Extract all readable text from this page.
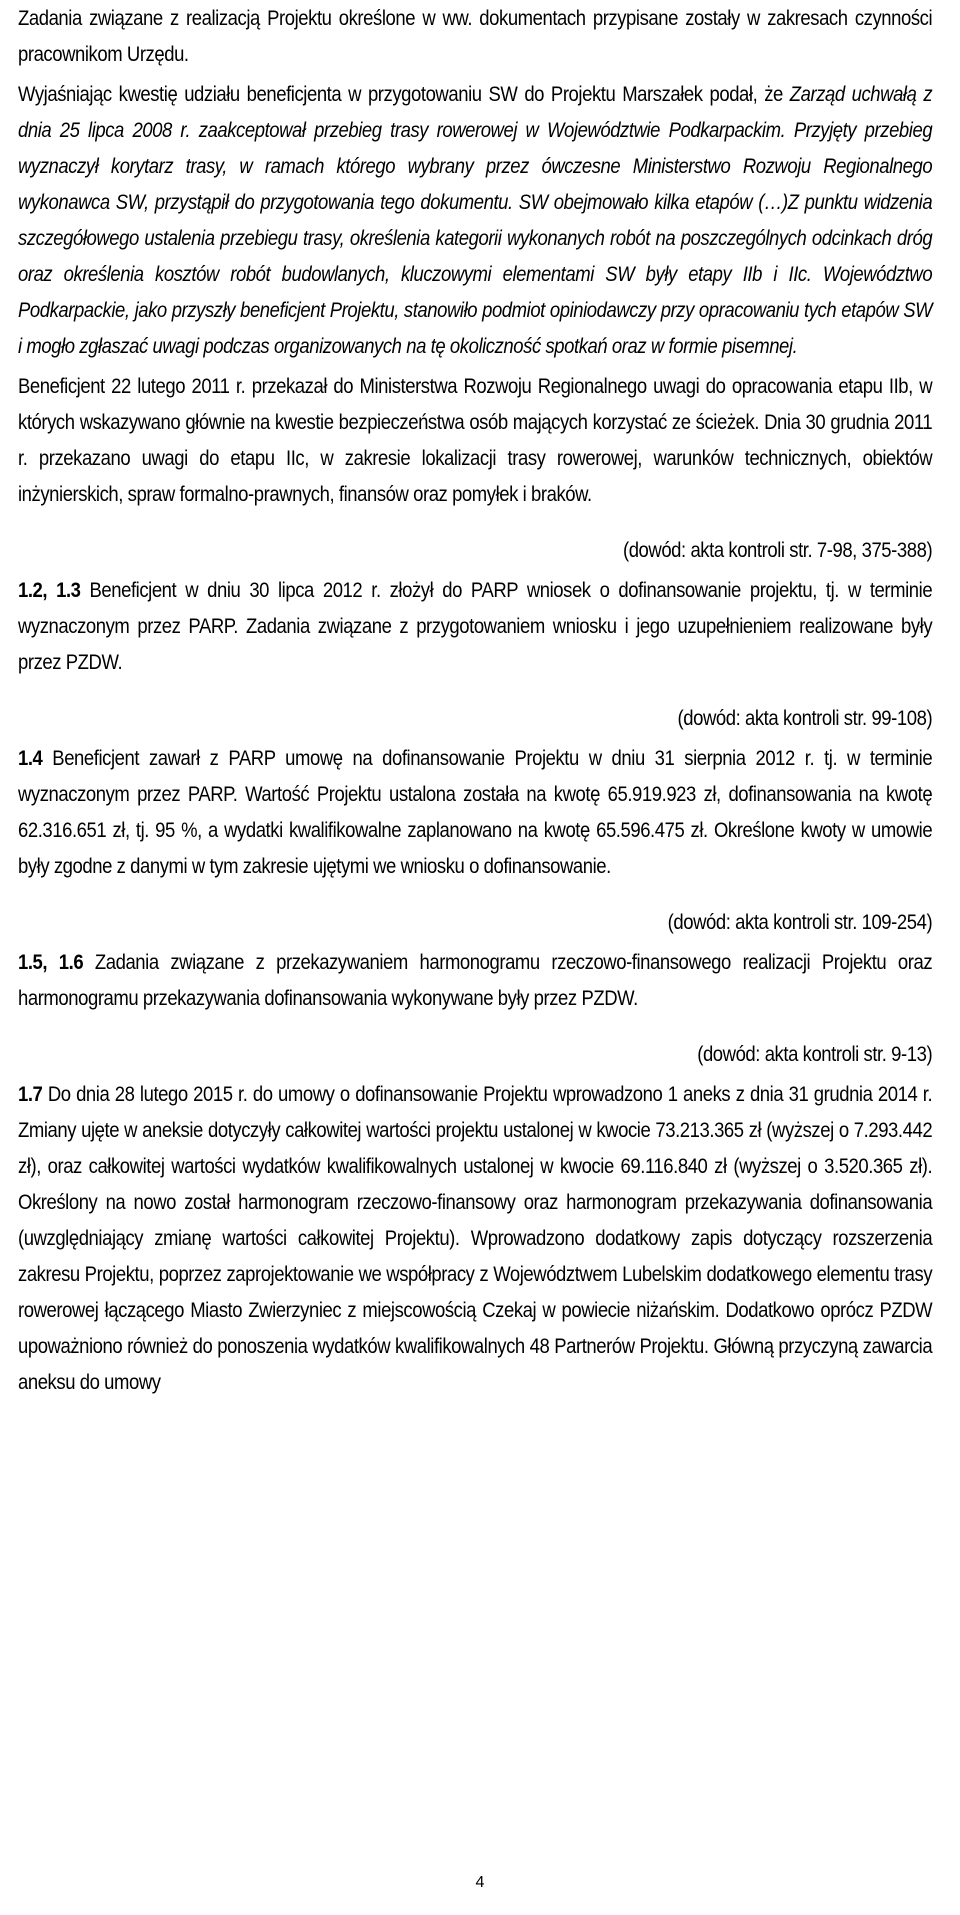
Zadania związane z realizacją Projektu określone w ww. dokumentach przypisane zostały w zakresach czynności pracownikom Urzędu.

Wyjaśniając kwestię udziału beneficjenta w przygotowaniu SW do Projektu Marszałek podał, że Zarząd uchwałą z dnia 25 lipca 2008 r. zaakceptował przebieg trasy rowerowej w Województwie Podkarpackim. Przyjęty przebieg wyznaczył korytarz trasy, w ramach którego wybrany przez ówczesne Ministerstwo Rozwoju Regionalnego wykonawca SW, przystąpił do przygotowania tego dokumentu. SW obejmowało kilka etapów (…)Z punktu widzenia szczegółowego ustalenia przebiegu trasy, określenia kategorii wykonanych robót na poszczególnych odcinkach dróg oraz określenia kosztów robót budowlanych, kluczowymi elementami SW były etapy IIb i IIc. Województwo Podkarpackie, jako przyszły beneficjent Projektu, stanowiło podmiot opiniodawczy przy opracowaniu tych etapów SW i mogło zgłaszać uwagi podczas organizowanych na tę okoliczność spotkań oraz w formie pisemnej.

Beneficjent 22 lutego 2011 r. przekazał do Ministerstwa Rozwoju Regionalnego uwagi do opracowania etapu IIb, w których wskazywano głównie na kwestie bezpieczeństwa osób mających korzystać ze ścieżek. Dnia 30 grudnia 2011 r. przekazano uwagi do etapu IIc, w zakresie lokalizacji trasy rowerowej, warunków technicznych, obiektów inżynierskich, spraw formalno-prawnych, finansów oraz pomyłek i braków.

(dowód: akta kontroli str. 7-98, 375-388)

1.2, 1.3 Beneficjent w dniu 30 lipca 2012 r. złożył do PARP wniosek o dofinansowanie projektu, tj. w terminie wyznaczonym przez PARP. Zadania związane z przygotowaniem wniosku i jego uzupełnieniem realizowane były przez PZDW.

(dowód: akta kontroli str. 99-108)

1.4 Beneficjent zawarł z PARP umowę na dofinansowanie Projektu w dniu 31 sierpnia 2012 r. tj. w terminie wyznaczonym przez PARP. Wartość Projektu ustalona została na kwotę 65.919.923 zł, dofinansowania na kwotę 62.316.651 zł, tj. 95 %, a wydatki kwalifikowalne zaplanowano na kwotę 65.596.475 zł. Określone kwoty w umowie były zgodne z danymi w tym zakresie ujętymi we wniosku o dofinansowanie.

(dowód: akta kontroli str. 109-254)

1.5, 1.6 Zadania związane z przekazywaniem harmonogramu rzeczowo-finansowego realizacji Projektu oraz harmonogramu przekazywania dofinansowania wykonywane były przez PZDW.

(dowód: akta kontroli str. 9-13)

1.7 Do dnia 28 lutego 2015 r. do umowy o dofinansowanie Projektu wprowadzono 1 aneks z dnia 31 grudnia 2014 r. Zmiany ujęte w aneksie dotyczyły całkowitej wartości projektu ustalonej w kwocie 73.213.365 zł (wyższej o 7.293.442 zł), oraz całkowitej wartości wydatków kwalifikowalnych ustalonej w kwocie 69.116.840 zł (wyższej o 3.520.365 zł). Określony na nowo został harmonogram rzeczowo-finansowy oraz harmonogram przekazywania dofinansowania (uwzględniający zmianę wartości całkowitej Projektu). Wprowadzono dodatkowy zapis dotyczący rozszerzenia zakresu Projektu, poprzez zaprojektowanie we współpracy z Województwem Lubelskim dodatkowego elementu trasy rowerowej łączącego Miasto Zwierzyniec z miejscowością Czekaj w powiecie niżańskim. Dodatkowo oprócz PZDW upoważniono również do ponoszenia wydatków kwalifikowalnych 48 Partnerów Projektu. Główną przyczyną zawarcia aneksu do umowy

4
